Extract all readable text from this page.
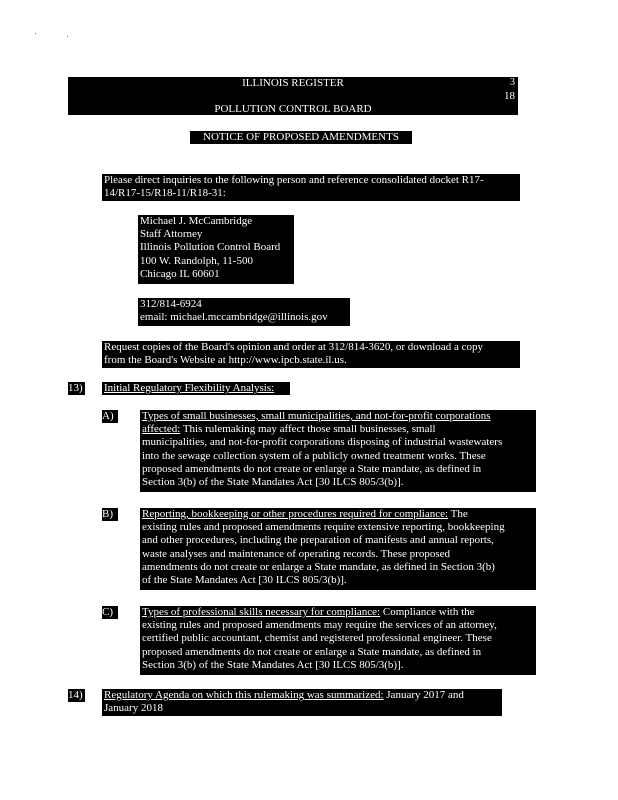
ILLINOIS REGISTER	3
18
POLLUTION CONTROL BOARD
NOTICE OF PROPOSED AMENDMENTS
Please direct inquiries to the following person and reference consolidated docket R17-
14/R17-15/R18-11/R18-31:
Michael J. McCambridge
Staff Attorney
Illinois Pollution Control Board
100 W. Randolph, 11-500
Chicago IL 60601
312/814-6924
email: michael.mccambridge@illinois.gov
Request copies of the Board's opinion and order at 312/814-3620, or download a copy
from the Board's Website at http://www.ipcb.state.il.us.
13) Initial Regulatory Flexibility Analysis:
A)	Types of small businesses, small municipalities, and not-for-profit corporations
affected: This rulemaking may affect those small businesses, small
municipalities, and not-for-profit corporations disposing of industrial wastewaters
into the sewage collection system of a publicly owned treatment works. These
proposed amendments do not create or enlarge a State mandate, as defined in
Section 3(b) of the State Mandates Act [30 ILCS 805/3(b)].
B)	Reporting, bookkeeping or other procedures required for compliance: The
existing rules and proposed amendments require extensive reporting, bookkeeping
and other procedures, including the preparation of manifests and annual reports,
waste analyses and maintenance of operating records. These proposed
amendments do not create or enlarge a State mandate, as defined in Section 3(b)
of the State Mandates Act [30 ILCS 805/3(b)].
C)	Types of professional skills necessary for compliance: Compliance with the
existing rules and proposed amendments may require the services of an attorney,
certified public accountant, chemist and registered professional engineer. These
proposed amendments do not create or enlarge a State mandate, as defined in
Section 3(b) of the State Mandates Act [30 ILCS 805/3(b)].
14) Regulatory Agenda on which this rulemaking was summarized: January 2017 and
January 2018
